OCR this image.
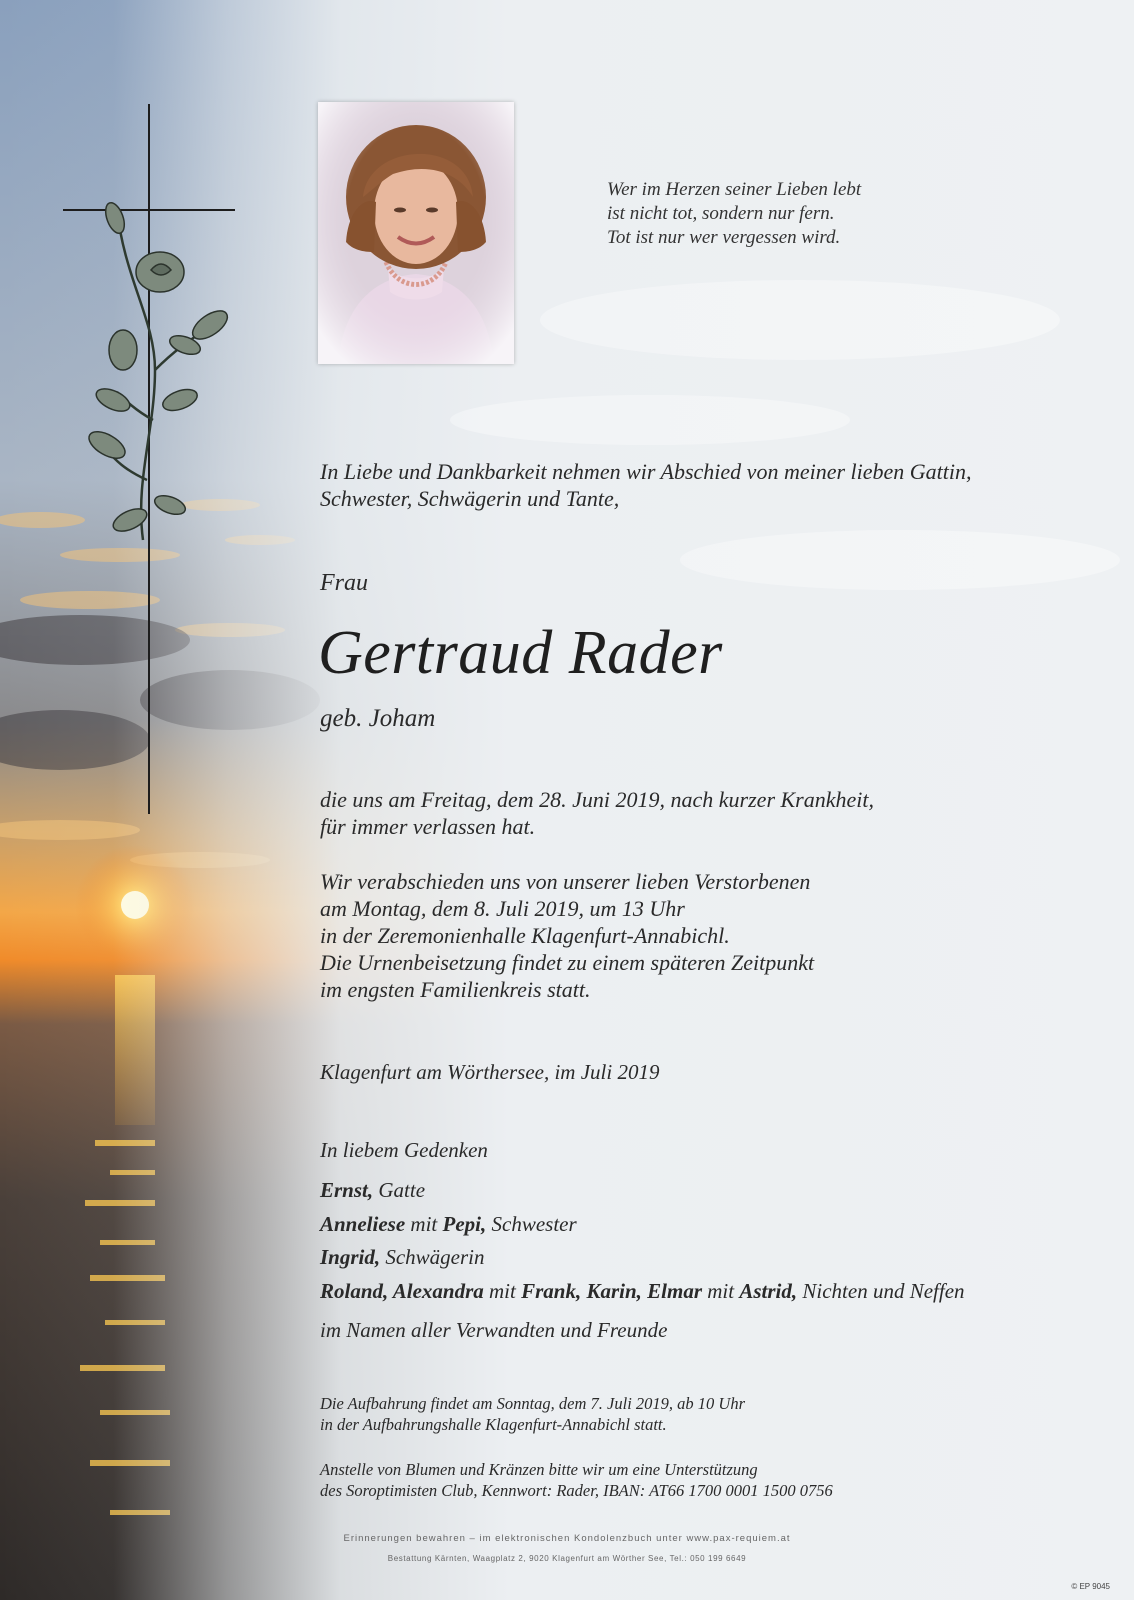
Wer im Herzen seiner Lieben lebt
ist nicht tot, sondern nur fern.
Tot ist nur wer vergessen wird.
In Liebe und Dankbarkeit nehmen wir Abschied von meiner lieben Gattin,
Schwester, Schwägerin und Tante,
Frau
Gertraud Rader
geb. Joham
die uns am Freitag, dem 28. Juni 2019, nach kurzer Krankheit,
für immer verlassen hat.
Wir verabschieden uns von unserer lieben Verstorbenen
am Montag, dem 8. Juli 2019, um 13 Uhr
in der Zeremonienhalle Klagenfurt-Annabichl.
Die Urnenbeisetzung findet zu einem späteren Zeitpunkt
im engsten Familienkreis statt.
Klagenfurt am Wörthersee, im Juli 2019
In liebem Gedenken
Ernst, Gatte
Anneliese mit Pepi, Schwester
Ingrid, Schwägerin
Roland, Alexandra mit Frank, Karin, Elmar mit Astrid, Nichten und Neffen
im Namen aller Verwandten und Freunde
Die Aufbahrung findet am Sonntag, dem 7. Juli 2019, ab 10 Uhr
in der Aufbahrungshalle Klagenfurt-Annabichl statt.
Anstelle von Blumen und Kränzen bitte wir um eine Unterstützung
des Soroptimisten Club, Kennwort: Rader, IBAN: AT66 1700 0001 1500 0756
Erinnerungen bewahren – im elektronischen Kondolenzbuch unter www.pax-requiem.at
Bestattung Kärnten, Waagplatz 2, 9020 Klagenfurt am Wörther See, Tel.: 050 199 6649
© EP 9045
